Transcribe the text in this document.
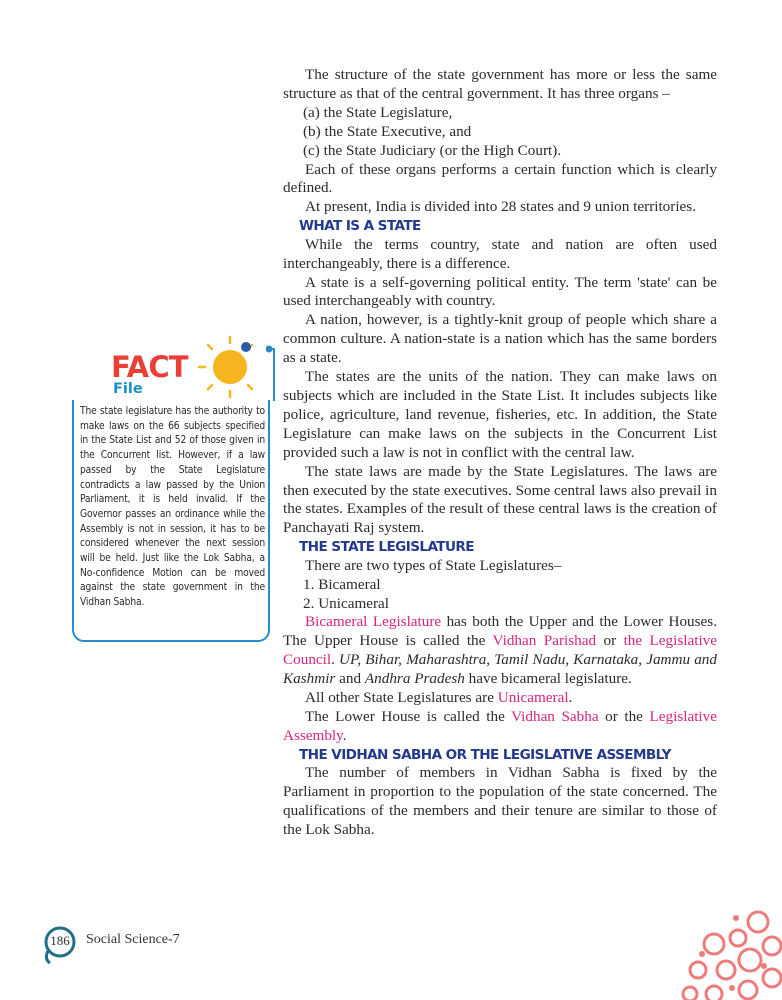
FACT
File
The state legislature has the authority to make laws on the 66 subjects specified in the State List and 52 of those given in the Concurrent list. However, if a law passed by the State Legislature contradicts a law passed by the Union Parliament, it is held invalid. If the Governor passes an ordinance while the Assembly is not in session, it has to be considered whenever the next session will be held. Just like the Lok Sabha, a No-confidence Motion can be moved against the state government in the Vidhan Sabha.

The structure of the state government has more or less the same structure as that of the central government. It has three organs –

(a) the State Legislature,

(b) the State Executive, and

(c) the State Judiciary (or the High Court).

Each of these organs performs a certain function which is clearly defined.

At present, India is divided into 28 states and 9 union territories.

WHAT IS A STATE

While the terms country, state and nation are often used interchangeably, there is a difference.

A state is a self-governing political entity. The term 'state' can be used interchangeably with country.

A nation, however, is a tightly-knit group of people which share a common culture. A nation-state is a nation which has the same borders as a state.

The states are the units of the nation. They can make laws on subjects which are included in the State List. It includes subjects like police, agriculture, land revenue, fisheries, etc. In addition, the State Legislature can make laws on the subjects in the Concurrent List provided such a law is not in conflict with the central law.

The state laws are made by the State Legislatures. The laws are then executed by the state executives. Some central laws also prevail in the states. Examples of the result of these central laws is the creation of Panchayati Raj system.

THE STATE LEGISLATURE

There are two types of State Legislatures–

1. Bicameral

2. Unicameral

Bicameral Legislature has both the Upper and the Lower Houses. The Upper House is called the Vidhan Parishad or the Legislative Council. UP, Bihar, Maharashtra, Tamil Nadu, Karnataka, Jammu and Kashmir and Andhra Pradesh have bicameral legislature.

All other State Legislatures are Unicameral.

The Lower House is called the Vidhan Sabha or the Legislative Assembly.

THE VIDHAN SABHA OR THE LEGISLATIVE ASSEMBLY

The number of members in Vidhan Sabha is fixed by the Parliament in proportion to the population of the state concerned. The qualifications of the members and their tenure are similar to those of the Lok Sabha.

186 Social Science-7
